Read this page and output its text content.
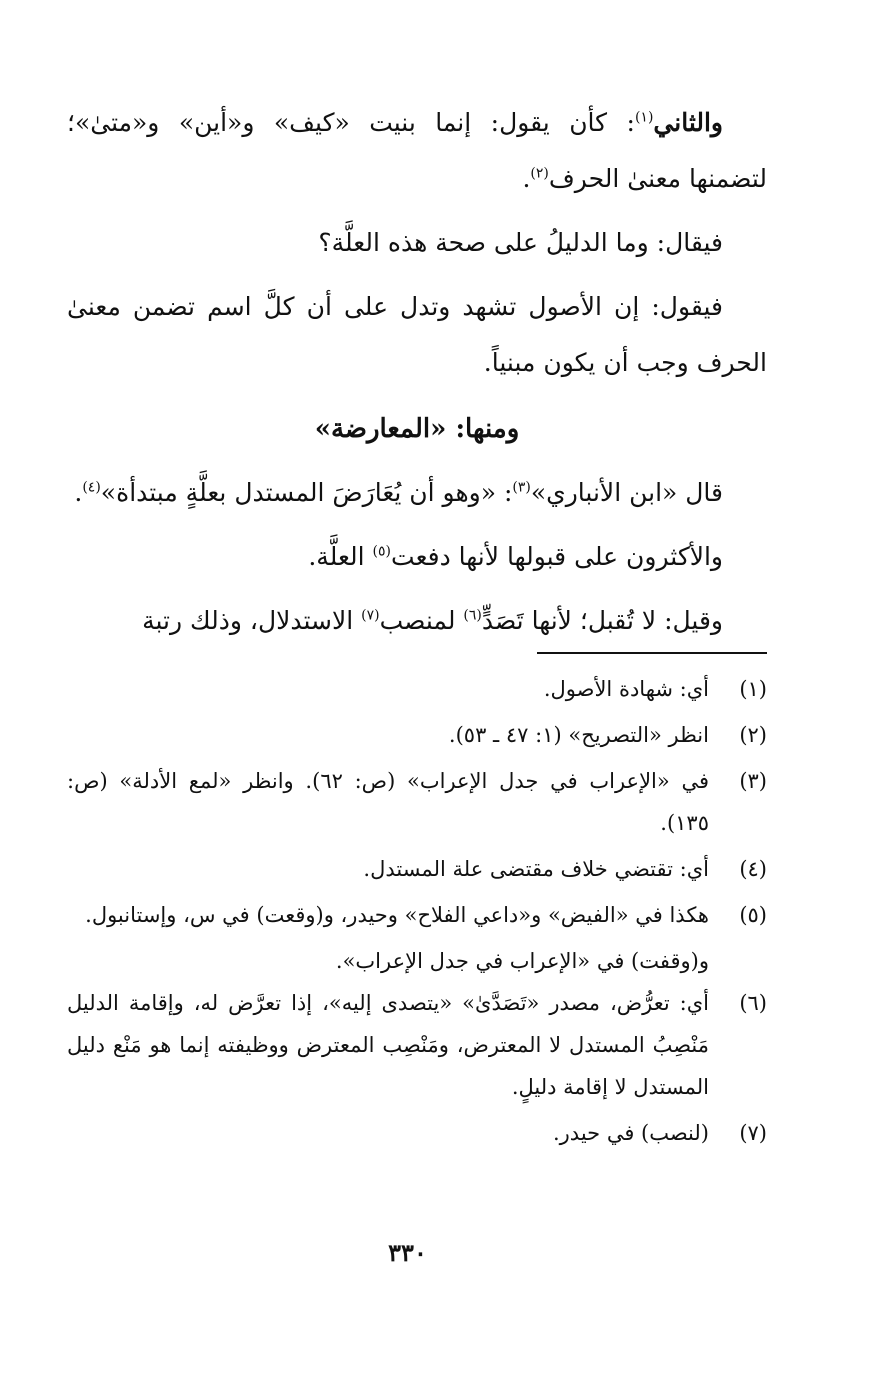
والثاني$^{(١)}$: كأن يقول: إنما بنيت «كيف» و«أين» و«متىٰ»؛ لتضمنها معنىٰ الحرف$^{(٢)}$.

فيقال: وما الدليلُ على صحة هذه العلَّة؟

فيقول: إن الأصول تشهد وتدل على أن كلَّ اسم تضمن معنىٰ الحرف وجب أن يكون مبنياً.

ومنها: «المعارضة»

قال «ابن الأنباري»$^{(٣)}$: «وهو أن يُعَارَضَ المستدل بعلَّةٍ مبتدأة»$^{(٤)}$.

والأكثرون على قبولها لأنها دفعت$^{(٥)}$ العلَّة.

وقيل: لا تُقبل؛ لأنها تَصَدٍّ$^{(٦)}$ لمنصب$^{(٧)}$ الاستدلال، وذلك رتبة

(١)
أي: شهادة الأصول.
(٢)
انظر «التصريح» (١: ٤٧ ـ ٥٣).
(٣)
في «الإعراب في جدل الإعراب» (ص: ٦٢). وانظر «لمع الأدلة» (ص: ١٣٥).
(٤)
أي: تقتضي خلاف مقتضى علة المستدل.
(٥)
هكذا في «الفيض» و«داعي الفلاح» وحيدر، و(وقعت) في س، وإستانبول.
و(وقفت) في «الإعراب في جدل الإعراب».
(٦)
أي: تعرُّض، مصدر «تَصَدَّىٰ» «يتصدى إليه»، إذا تعرَّض له، وإقامة الدليل مَنْصِبُ المستدل لا المعترض، ومَنْصِب المعترض ووظيفته إنما هو مَنْع دليل المستدل لا إقامة دليلٍ.
(٧)
(لنصب) في حيدر.
٣٣٠
